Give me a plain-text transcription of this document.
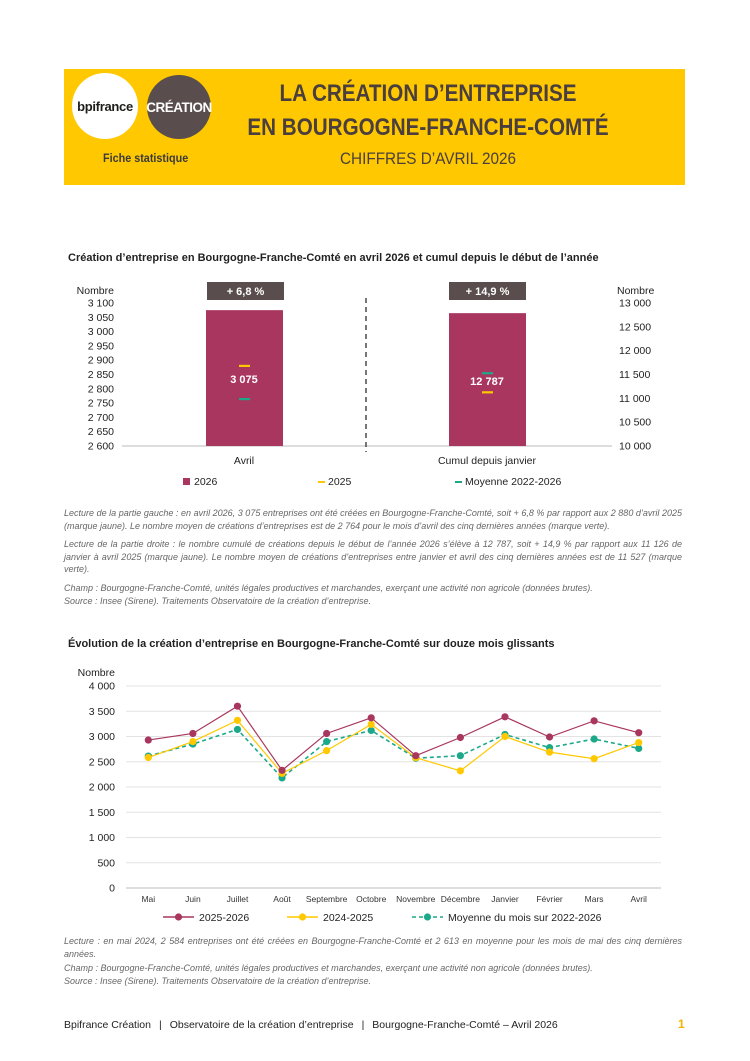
bpifrance CRÉATION
Fiche statistique
LA CRÉATION D’ENTREPRISE
EN BOURGOGNE-FRANCHE-COMTÉ
CHIFFRES D’AVRIL 2026
Création d’entreprise en Bourgogne-Franche-Comté en avril 2026 et cumul depuis le début de l’année
Nombre	Nombre
3 100
3 050
3 000
2 950
2 900
2 850
2 800
2 750
2 700
2 650
2 600
13 000
12 500
12 000
11 500
11 000
10 500
10 000
+ 6,8 %	+ 14,9 %
3 075	12 787
Avril	Cumul depuis janvier
2026	2025	Moyenne 2022-2026

Lecture de la partie gauche : en avril 2026, 3 075 entreprises ont été créées en Bourgogne-Franche-Comté, soit + 6,8 % par rapport aux 2 880 d’avril 2025 (marque jaune). Le nombre moyen de créations d’entreprises est de 2 764 pour le mois d’avril des cinq dernières années (marque verte).

Lecture de la partie droite : le nombre cumulé de créations depuis le début de l’année 2026 s’élève à 12 787, soit + 14,9 % par rapport aux 11 126 de janvier à avril 2025 (marque jaune). Le nombre moyen de créations d’entreprises entre janvier et avril des cinq dernières années est de 11 527 (marque verte).

Champ : Bourgogne-Franche-Comté, unités légales productives et marchandes, exerçant une activité non agricole (données brutes).

Source : Insee (Sirene). Traitements Observatoire de la création d’entreprise.

Évolution de la création d’entreprise en Bourgogne-Franche-Comté sur douze mois glissants
Nombre
0
500
1 000
1 500
2 000
2 500
3 000
3 500
4 000
Mai	Juin	Juillet	Août Septembre Octobre Novembre Décembre Janvier Février	Mars	Avril
2025-2026	2024-2025	Moyenne du mois sur 2022-2026

Lecture : en mai 2024, 2 584 entreprises ont été créées en Bourgogne-Franche-Comté et 2 613 en moyenne pour les mois de mai des cinq dernières années.

Champ : Bourgogne-Franche-Comté, unités légales productives et marchandes, exerçant une activité non agricole (données brutes).

Source : Insee (Sirene). Traitements Observatoire de la création d’entreprise.

Bpifrance Création | Observatoire de la création d’entreprise | Bourgogne-Franche-Comté – Avril 2026	1
